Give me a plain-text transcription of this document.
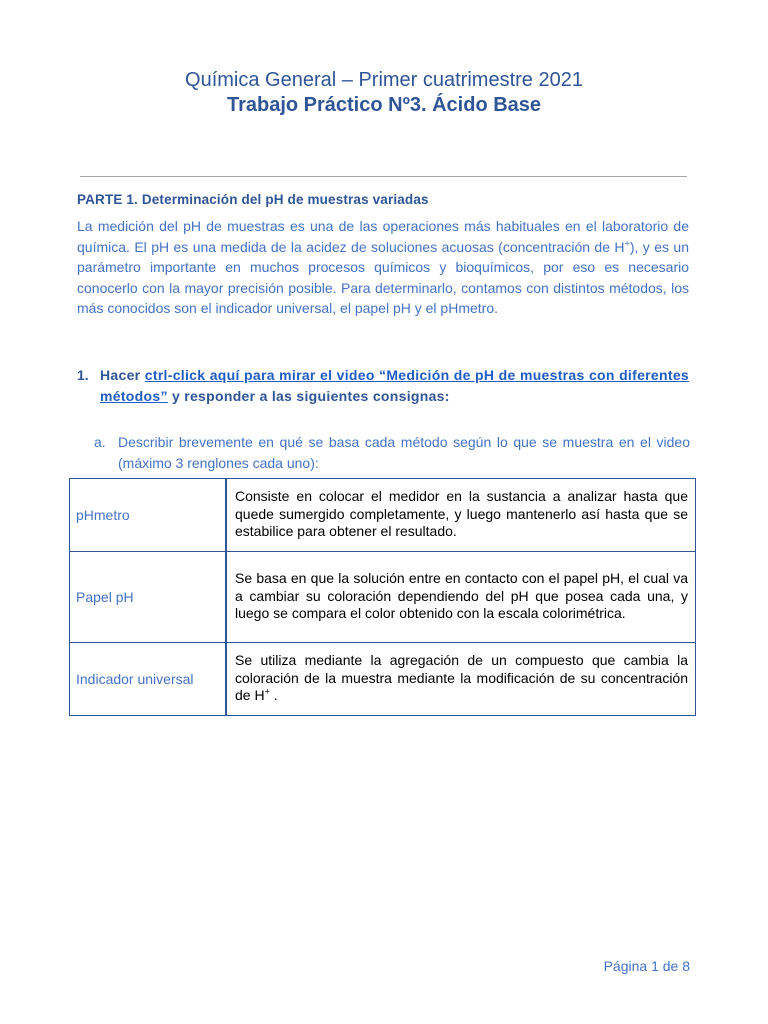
Química General – Primer cuatrimestre 2021
Trabajo Práctico Nº3. Ácido Base
PARTE 1. Determinación del pH de muestras variadas

La medición del pH de muestras es una de las operaciones más habituales en el laboratorio de química. El pH es una medida de la acidez de soluciones acuosas (concentración de H+), y es un parámetro importante en muchos procesos químicos y bioquímicos, por eso es necesario conocerlo con la mayor precisión posible. Para determinarlo, contamos con distintos métodos, los más conocidos son el indicador universal, el papel pH y el pHmetro.

1. Hacer ctrl-click aquí para mirar el video “Medición de pH de muestras con diferentes métodos” y responder a las siguientes consignas:
a. Describir brevemente en qué se basa cada método según lo que se muestra en el video (máximo 3 renglones cada uno):
pHmetro	Consiste en colocar el medidor en la sustancia a analizar hasta que quede sumergido completamente, y luego mantenerlo así hasta que se estabilice para obtener el resultado.
Papel pH	Se basa en que la solución entre en contacto con el papel pH, el cual va a cambiar su coloración dependiendo del pH que posea cada una, y luego se compara el color obtenido con la escala colorimétrica.
Indicador universal	Se utiliza mediante la agregación de un compuesto que cambia la coloración de la muestra mediante la modificación de su concentración de H+ .
Página 1 de 8
